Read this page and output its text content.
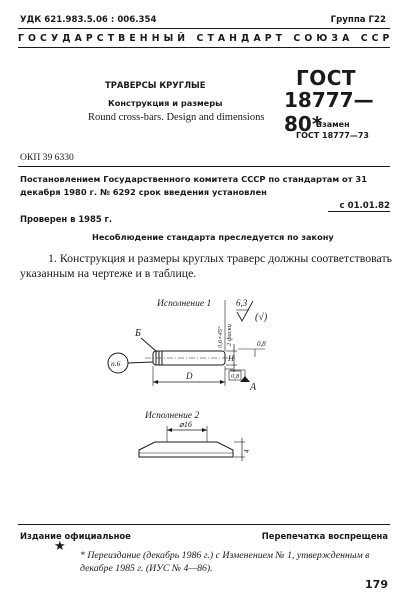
УДК 621.983.5.06 : 006.354	Группа Г22
ГОСУДАРСТВЕННЫЙ СТАНДАРТ СОЮЗА ССР
ТРАВЕРСЫ КРУГЛЫЕ
Конструкция и размеры
Round cross-bars. Design and dimensions
ГОСТ
18777—80*
Взамен
ГОСТ 18777—73
ОКП 39 6330
Постановлением Государственного комитета СССР по стандартам от 31 декабря 1980 г. № 6292 срок введения установлен
с 01.01.82
Проверен в 1985 г.
Несоблюдение стандарта преследуется по закону
1. Конструкция и размеры круглых траверс должны соответствовать указанным на чертеже и в таблице.
Исполнение 1
Б
n.6
D
H
A
0,8
0,8
6,3
(√)
0,6×45° 2 фаски
Исполнение 2
⌀16
4
Издание официальное	Перепечатка воспрещена
★
* Переиздание (декабрь 1986 г.) с Изменением № 1, утвержденным в декабре 1985 г. (ИУС № 4—86).
179
